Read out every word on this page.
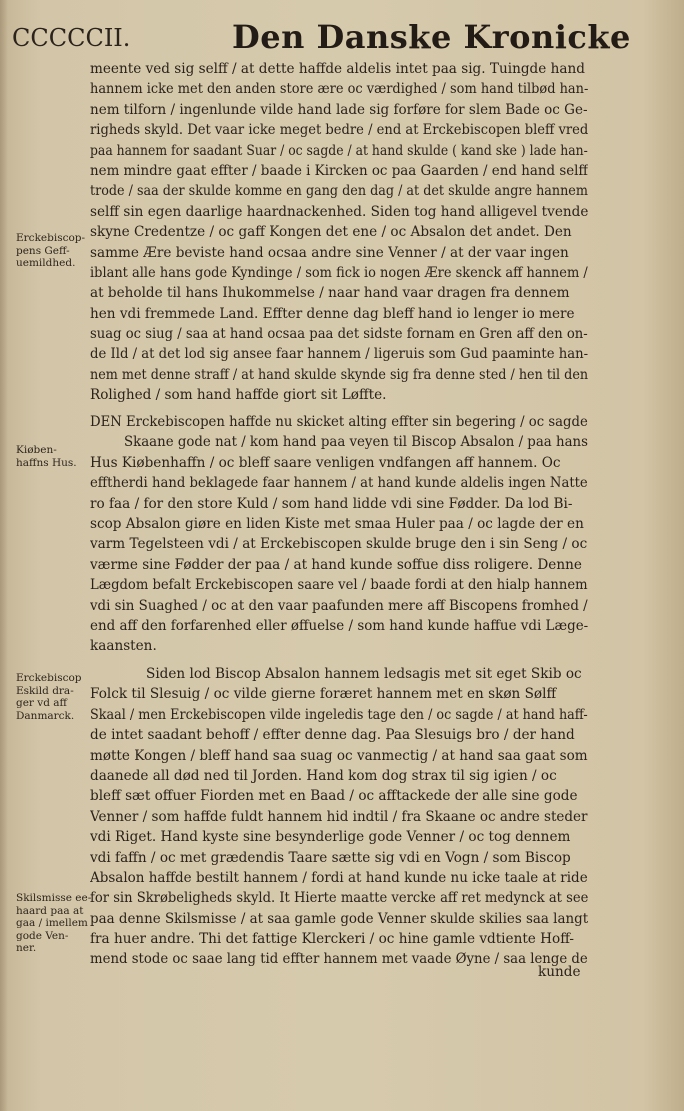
CCCCCII.	Den Danske Kronicke
meente ved sig selff / at dette haffde aldelis intet paa sig. Tuingde hand
hannem icke met den anden store ære oc værdighed / som hand tilbød han-
nem tilforn / ingenlunde vilde hand lade sig forføre for slem Bade oc Ge-
righeds skyld. Det vaar icke meget bedre / end at Erckebiscopen bleff vred
paa hannem for saadant Suar / oc sagde / at hand skulde ( kand ske ) lade han-
nem mindre gaat effter / baade i Kircken oc paa Gaarden / end hand selff
trode / saa der skulde komme en gang den dag / at det skulde angre hannem
selff sin egen daarlige haardnackenhed. Siden tog hand alligevel tvende
skyne Credentze / oc gaff Kongen det ene / oc Absalon det andet. Den
samme Ære beviste hand ocsaa andre sine Venner / at der vaar ingen
iblant alle hans gode Kyndinge / som fick io nogen Ære skenck aff hannem /
at beholde til hans Ihukommelse / naar hand vaar dragen fra dennem
hen vdi fremmede Land. Effter denne dag bleff hand io lenger io mere
suag oc siug / saa at hand ocsaa paa det sidste fornam en Gren aff den on-
de Ild / at det lod sig ansee faar hannem / ligeruis som Gud paaminte han-
nem met denne straff / at hand skulde skynde sig fra denne sted / hen til den
Rolighed / som hand haffde giort sit Løffte.
DEN Erckebiscopen haffde nu skicket alting effter sin begering / oc sagde
Skaane gode nat / kom hand paa veyen til Biscop Absalon / paa hans
Hus Kiøbenhaffn / oc bleff saare venligen vndfangen aff hannem. Oc
efftherdi hand beklagede faar hannem / at hand kunde aldelis ingen Natte
ro faa / for den store Kuld / som hand lidde vdi sine Fødder. Da lod Bi-
scop Absalon giøre en liden Kiste met smaa Huler paa / oc lagde der en
varm Tegelsteen vdi / at Erckebiscopen skulde bruge den i sin Seng / oc
værme sine Fødder der paa / at hand kunde soffue diss roligere. Denne
Lægdom befalt Erckebiscopen saare vel / baade fordi at den hialp hannem
vdi sin Suaghed / oc at den vaar paafunden mere aff Biscopens fromhed /
end aff den forfarenhed eller øffuelse / som hand kunde haffue vdi Læge-
kaansten.
Siden lod Biscop Absalon hannem ledsagis met sit eget Skib oc
Folck til Slesuig / oc vilde gierne foræret hannem met en skøn Sølff
Skaal / men Erckebiscopen vilde ingeledis tage den / oc sagde / at hand haff-
de intet saadant behoff / effter denne dag. Paa Slesuigs bro / der hand
møtte Kongen / bleff hand saa suag oc vanmectig / at hand saa gaat som
daanede all død ned til Jorden. Hand kom dog strax til sig igien / oc
bleff sæt offuer Fiorden met en Baad / oc afftackede der alle sine gode
Venner / som haffde fuldt hannem hid indtil / fra Skaane oc andre steder
vdi Riget. Hand kyste sine besynderlige gode Venner / oc tog dennem
vdi faffn / oc met grædendis Taare sætte sig vdi en Vogn / som Biscop
Absalon haffde bestilt hannem / fordi at hand kunde nu icke taale at ride
for sin Skrøbeligheds skyld. It Hierte maatte vercke aff ret medynck at see
paa denne Skilsmisse / at saa gamle gode Venner skulde skilies saa langt
fra huer andre. Thi det fattige Klerckeri / oc hine gamle vdtiente Hoff-
mend stode oc saae lang tid effter hannem met vaade Øyne / saa lenge de
kunde
Erckebiscop-
pens Geff-
uemildhed.
Kiøben-
haffns Hus.
Erckebiscop
Eskild dra-
ger vd aff
Danmarck.
Skilsmisse ee-
haard paa at
gaa / imellem
gode Ven-
ner.
